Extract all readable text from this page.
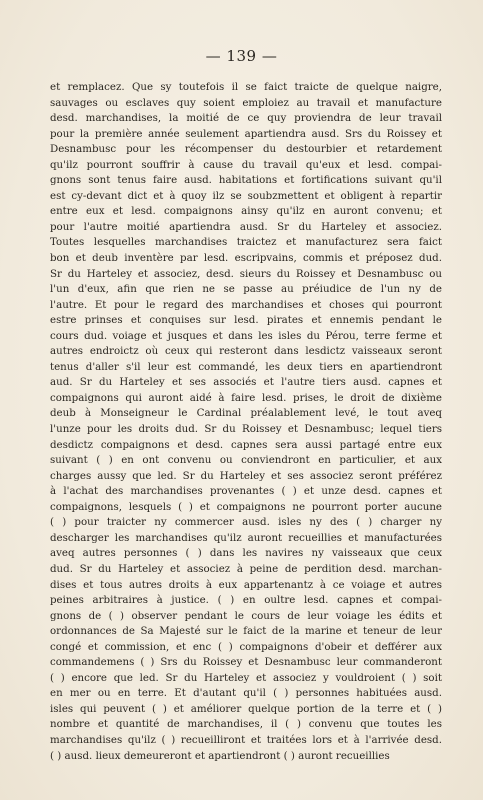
— 139 —
et remplacez. Que sy toutefois il se faict traicte de quelque naigre,
sauvages ou esclaves quy soient emploiez au travail et manufacture
desd. marchandises, la moitié de ce quy proviendra de leur travail
pour la première année seulement apartiendra ausd. Srs du Roissey et
Desnambusc pour les récompenser du destourbier et retardement
qu'ilz pourront souffrir à cause du travail qu'eux et lesd. compai-
gnons sont tenus faire ausd. habitations et fortifications suivant qu'il
est cy-devant dict et à quoy ilz se soubzmettent et obligent à repartir
entre eux et lesd. compaignons ainsy qu'ilz en auront convenu; et
pour l'autre moitié apartiendra ausd. Sr du Harteley et associez.
Toutes lesquelles marchandises traictez et manufacturez sera faict
bon et deub inventère par lesd. escripvains, commis et préposez dud.
Sr du Harteley et associez, desd. sieurs du Roissey et Desnambusc ou
l'un d'eux, afin que rien ne se passe au préiudice de l'un ny de
l'autre. Et pour le regard des marchandises et choses qui pourront
estre prinses et conquises sur lesd. pirates et ennemis pendant le
cours dud. voiage et jusques et dans les isles du Pérou, terre ferme et
autres endroictz où ceux qui resteront dans lesdictz vaisseaux seront
tenus d'aller s'il leur est commandé, les deux tiers en apartiendront
aud. Sr du Harteley et ses associés et l'autre tiers ausd. capnes et
compaignons qui auront aidé à faire lesd. prises, le droit de dixième
deub à Monseigneur le Cardinal préalablement levé, le tout aveq
l'unze pour les droits dud. Sr du Roissey et Desnambusc; lequel tiers
desdictz compaignons et desd. capnes sera aussi partagé entre eux
suivant ( ) en ont convenu ou conviendront en particulier, et aux
charges aussy que led. Sr du Harteley et ses associez seront préférez
à l'achat des marchandises provenantes ( ) et unze desd. capnes et
compaignons, lesquels ( ) et compaignons ne pourront porter aucune
( ) pour traicter ny commercer ausd. isles ny des ( ) charger ny
descharger les marchandises qu'ilz auront recueillies et manufacturées
aveq autres personnes ( ) dans les navires ny vaisseaux que ceux
dud. Sr du Harteley et associez à peine de perdition desd. marchan-
dises et tous autres droits à eux appartenantz à ce voiage et autres
peines arbitraires à justice. ( ) en oultre lesd. capnes et compai-
gnons de ( ) observer pendant le cours de leur voiage les édits et
ordonnances de Sa Majesté sur le faict de la marine et teneur de leur
congé et commission, et enc ( ) compaignons d'obeir et defférer aux
commandemens ( ) Srs du Roissey et Desnambusc leur commanderont
( ) encore que led. Sr du Harteley et associez y vouldroient ( ) soit
en mer ou en terre. Et d'autant qu'il ( ) personnes habituées ausd.
isles qui peuvent ( ) et améliorer quelque portion de la terre et ( )
nombre et quantité de marchandises, il ( ) convenu que toutes les
marchandises qu'ilz ( ) recueilliront et traitées lors et à l'arrivée desd.
( ) ausd. lieux demeureront et apartiendront ( ) auront recueillies
